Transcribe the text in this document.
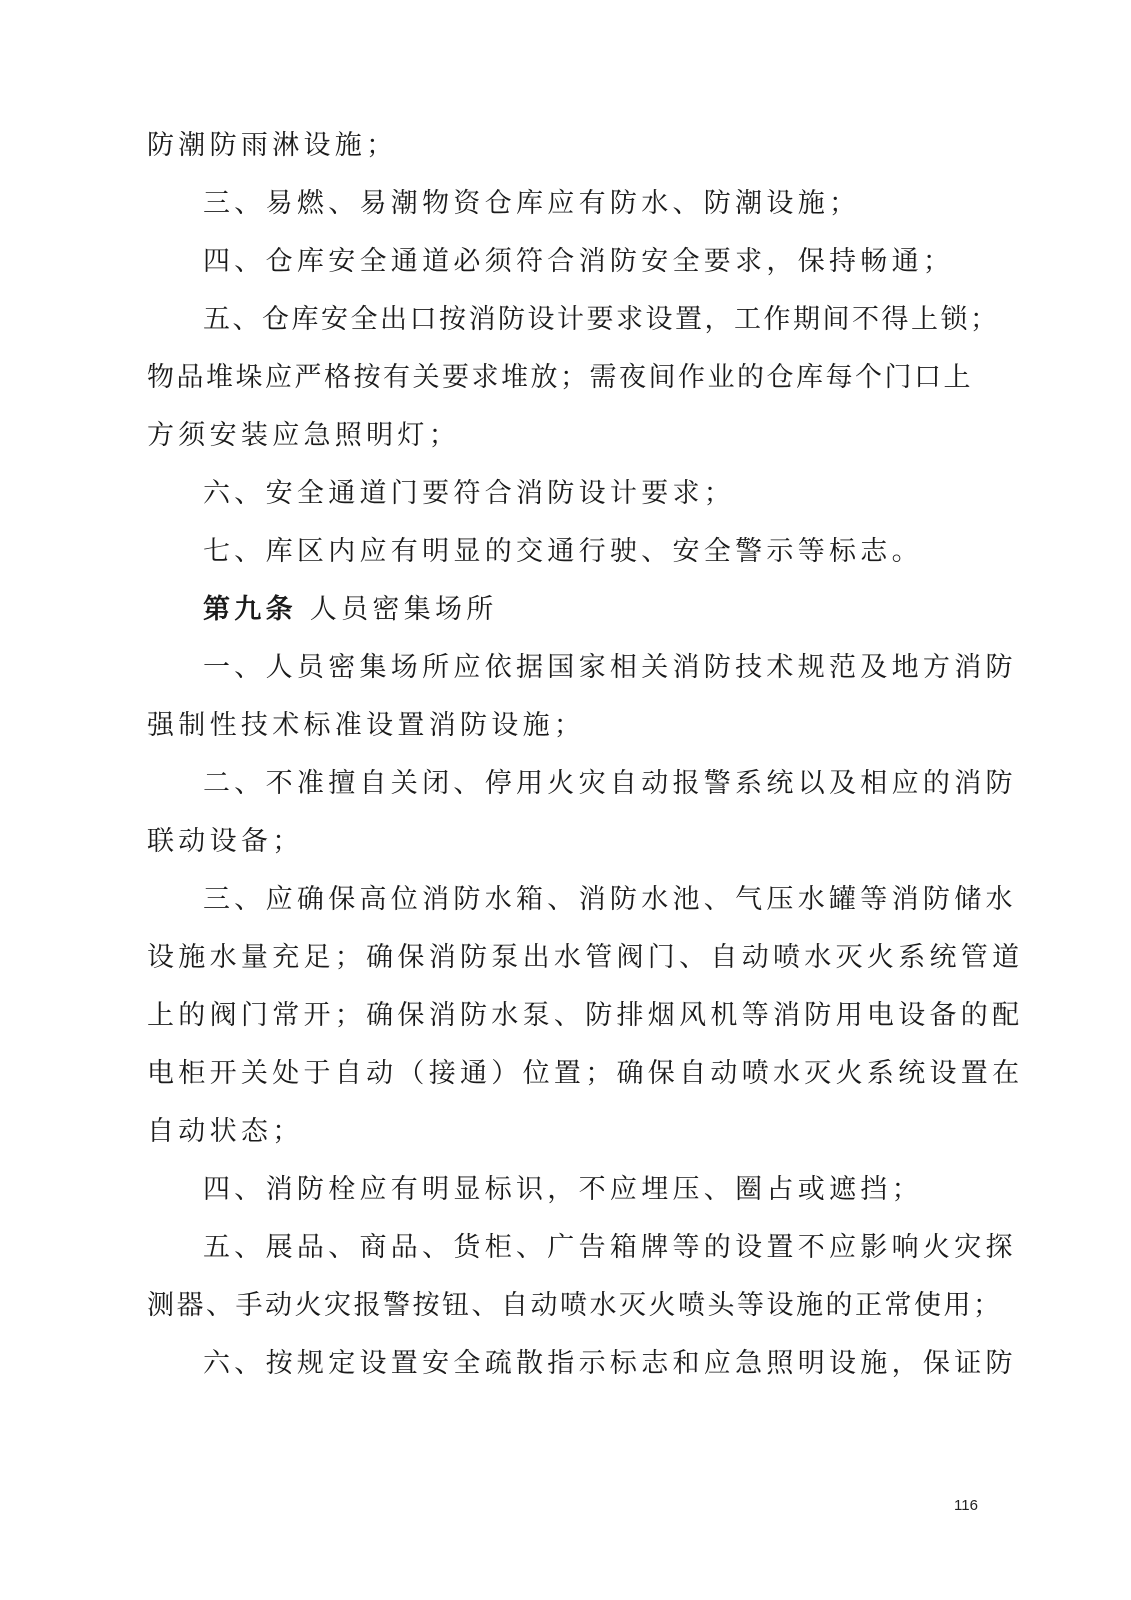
防潮防雨淋设施；
三、易燃、易潮物资仓库应有防水、防潮设施；
四、仓库安全通道必须符合消防安全要求，保持畅通；
五、仓库安全出口按消防设计要求设置，工作期间不得上锁；
物品堆垛应严格按有关要求堆放；需夜间作业的仓库每个门口上
方须安装应急照明灯；
六、安全通道门要符合消防设计要求；
七、库区内应有明显的交通行驶、安全警示等标志。
第九条 人员密集场所
一、人员密集场所应依据国家相关消防技术规范及地方消防
强制性技术标准设置消防设施；
二、不准擅自关闭、停用火灾自动报警系统以及相应的消防
联动设备；
三、应确保高位消防水箱、消防水池、气压水罐等消防储水
设施水量充足；确保消防泵出水管阀门、自动喷水灭火系统管道
上的阀门常开；确保消防水泵、防排烟风机等消防用电设备的配
电柜开关处于自动（接通）位置；确保自动喷水灭火系统设置在
自动状态；
四、消防栓应有明显标识，不应埋压、圈占或遮挡；
五、展品、商品、货柜、广告箱牌等的设置不应影响火灾探
测器、手动火灾报警按钮、自动喷水灭火喷头等设施的正常使用；
六、按规定设置安全疏散指示标志和应急照明设施，保证防
116
